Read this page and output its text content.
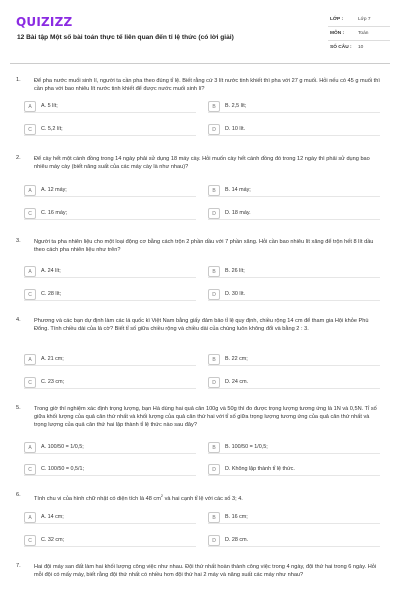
QUIZIZZ
12 Bài tập Một số bài toán thực tế liên quan đến tỉ lệ thức (có lời giải)
LỚP :	Lớp 7
MÔN :	Toán
SỐ CÂU : 10
1. Để pha nước muối sinh lí, người ta cần pha theo đúng tỉ lệ. Biết rằng cứ 3 lít nước tinh khiết thì pha với 27 g muối. Hỏi nếu có 45 g muối thì cần pha với bao nhiêu lít nước tinh khiết để được nước muối sinh lí?
A	A. 5 lít;	B	B. 2,5 lít;
C	C. 5,2 lít;	D	D. 10 lít.
2. Để cày hết một cánh đồng trong 14 ngày phải sử dụng 18 máy cày. Hỏi muốn cày hết cánh đồng đó trong 12 ngày thì phải sử dụng bao nhiêu máy cày (biết năng suất của các máy cày là như nhau)?
A	A. 12 máy;	B	B. 14 máy;
C	C. 16 máy;	D	D. 18 máy.
3. Người ta pha nhiên liệu cho một loại động cơ bằng cách trộn 2 phần dầu với 7 phần xăng. Hỏi cần bao nhiêu lít xăng để trộn hết 8 lít dầu theo cách pha nhiên liệu như trên?
A	A. 24 lít;	B	B. 26 lít;
C	C. 28 lít;	D	D. 30 lít.
4. Phương và các bạn dự định làm các lá quốc kì Việt Nam bằng giấy đảm bảo tỉ lệ quy định, chiều rộng 14 cm để tham gia Hội khỏe Phù Đổng. Tính chiều dài của lá cờ? Biết tỉ số giữa chiều rộng và chiều dài của chúng luôn không đổi và bằng 2 : 3.
A	A. 21 cm;	B	B. 22 cm;
C	C. 23 cm;	D	D. 24 cm.
5. Trong giờ thí nghiệm xác định trọng lượng, bạn Hà dùng hai quả cân 100g và 50g thì đo được trọng lượng tương ứng là 1N và 0,5N. Tỉ số giữa khối lượng của quả cân thứ nhất và khối lượng của quả cân thứ hai với tỉ số giữa trọng lượng tương ứng của quả cân thứ nhất và trọng lượng của quả cân thứ hai lập thành tỉ lệ thức nào sau đây?
A	A. 100/50 = 1/0,5;	B	B. 100/50 = 1/0,5;
C	C. 100/50 = 0,5/1;	D	D. Không lập thành tỉ lệ thức.
6.
Tính chu vi của hình chữ nhật có diện tích là 48 $cm^2$ và hai cạnh tỉ lệ với các số 3; 4.
A	A. 14 cm;	B	B. 16 cm;
C	C. 32 cm;	D	D. 28 cm.
7. Hai đội máy san đất làm hai khối lượng công việc như nhau. Đội thứ nhất hoàn thành công việc trong 4 ngày, đội thứ hai trong 6 ngày. Hỏi mỗi đội có mấy máy, biết rằng đội thứ nhất có nhiều hơn đội thứ hai 2 máy và năng suất các máy như nhau?
